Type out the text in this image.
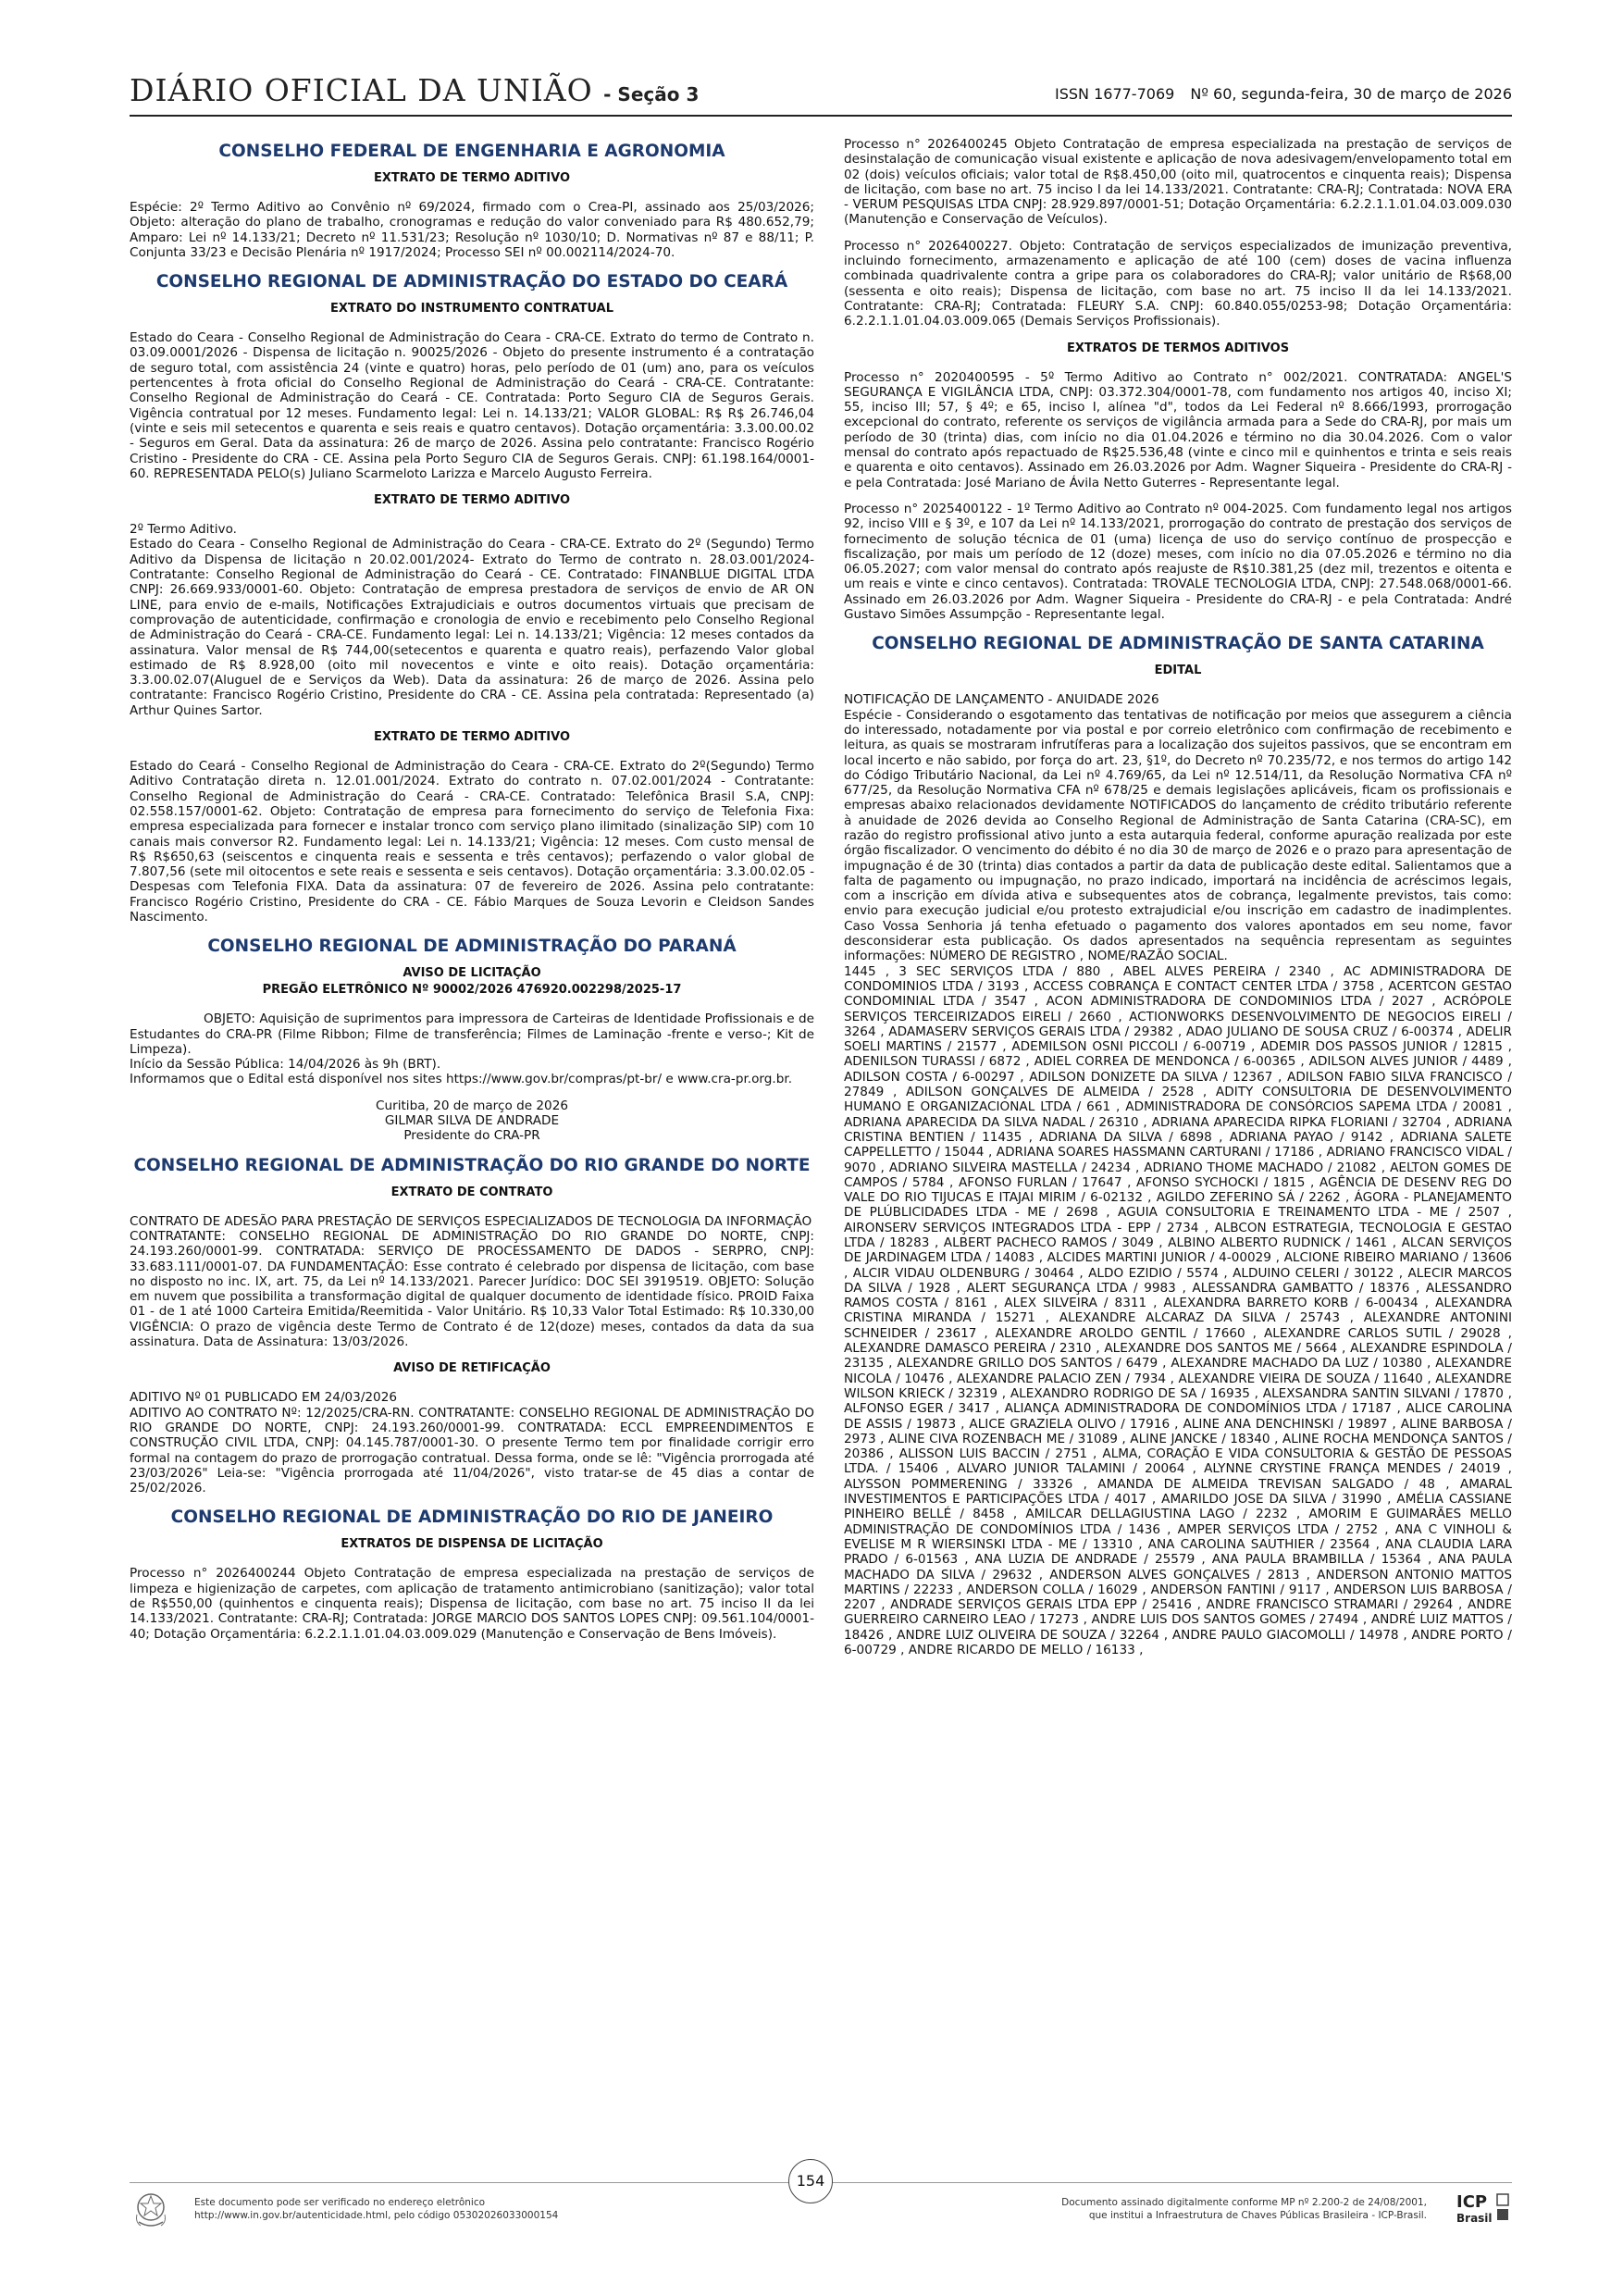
DIÁRIO OFICIAL DA UNIÃO - Seção 3	ISSN 1677-7069 Nº 60, segunda-feira, 30 de março de 2026
CONSELHO FEDERAL DE ENGENHARIA E AGRONOMIA
EXTRATO DE TERMO ADITIVO
Espécie: 2º Termo Aditivo ao Convênio nº 69/2024, firmado com o Crea-PI, assinado aos 25/03/2026; Objeto: alteração do plano de trabalho, cronogramas e redução do valor conveniado para R$ 480.652,79; Amparo: Lei nº 14.133/21; Decreto nº 11.531/23; Resolução nº 1030/10; D. Normativas nº 87 e 88/11; P. Conjunta 33/23 e Decisão Plenária nº 1917/2024; Processo SEI nº 00.002114/2024-70.
CONSELHO REGIONAL DE ADMINISTRAÇÃO DO ESTADO DO CEARÁ
EXTRATO DO INSTRUMENTO CONTRATUAL
Estado do Ceara - Conselho Regional de Administração do Ceara - CRA-CE. Extrato do termo de Contrato n. 03.09.0001/2026 - Dispensa de licitação n. 90025/2026 - Objeto do presente instrumento é a contratação de seguro total, com assistência 24 (vinte e quatro) horas, pelo período de 01 (um) ano, para os veículos pertencentes à frota oficial do Conselho Regional de Administração do Ceará - CRA-CE. Contratante: Conselho Regional de Administração do Ceará - CE. Contratada: Porto Seguro CIA de Seguros Gerais. Vigência contratual por 12 meses. Fundamento legal: Lei n. 14.133/21; VALOR GLOBAL: R$ R$ 26.746,04 (vinte e seis mil setecentos e quarenta e seis reais e quatro centavos). Dotação orçamentária: 3.3.00.00.02 - Seguros em Geral. Data da assinatura: 26 de março de 2026. Assina pelo contratante: Francisco Rogério Cristino - Presidente do CRA - CE. Assina pela Porto Seguro CIA de Seguros Gerais. CNPJ: 61.198.164/0001-60. REPRESENTADA PELO(s) Juliano Scarmeloto Larizza e Marcelo Augusto Ferreira.
EXTRATO DE TERMO ADITIVO
2º Termo Aditivo.
Estado do Ceara - Conselho Regional de Administração do Ceara - CRA-CE. Extrato do 2º (Segundo) Termo Aditivo da Dispensa de licitação n 20.02.001/2024- Extrato do Termo de contrato n. 28.03.001/2024- Contratante: Conselho Regional de Administração do Ceará - CE. Contratado: FINANBLUE DIGITAL LTDA CNPJ: 26.669.933/0001-60. Objeto: Contratação de empresa prestadora de serviços de envio de AR ON LINE, para envio de e-mails, Notificações Extrajudiciais e outros documentos virtuais que precisam de comprovação de autenticidade, confirmação e cronologia de envio e recebimento pelo Conselho Regional de Administração do Ceará - CRA-CE. Fundamento legal: Lei n. 14.133/21; Vigência: 12 meses contados da assinatura. Valor mensal de R$ 744,00(setecentos e quarenta e quatro reais), perfazendo Valor global estimado de R$ 8.928,00 (oito mil novecentos e vinte e oito reais). Dotação orçamentária: 3.3.00.02.07(Aluguel de e Serviços da Web). Data da assinatura: 26 de março de 2026. Assina pelo contratante: Francisco Rogério Cristino, Presidente do CRA - CE. Assina pela contratada: Representado (a) Arthur Quines Sartor.
EXTRATO DE TERMO ADITIVO
Estado do Ceará - Conselho Regional de Administração do Ceara - CRA-CE. Extrato do 2º(Segundo) Termo Aditivo Contratação direta n. 12.01.001/2024. Extrato do contrato n. 07.02.001/2024 - Contratante: Conselho Regional de Administração do Ceará - CRA-CE. Contratado: Telefônica Brasil S.A, CNPJ: 02.558.157/0001-62. Objeto: Contratação de empresa para fornecimento do serviço de Telefonia Fixa: empresa especializada para fornecer e instalar tronco com serviço plano ilimitado (sinalização SIP) com 10 canais mais conversor R2. Fundamento legal: Lei n. 14.133/21; Vigência: 12 meses. Com custo mensal de R$ R$650,63 (seiscentos e cinquenta reais e sessenta e três centavos); perfazendo o valor global de 7.807,56 (sete mil oitocentos e sete reais e sessenta e seis centavos). Dotação orçamentária: 3.3.00.02.05 - Despesas com Telefonia FIXA. Data da assinatura: 07 de fevereiro de 2026. Assina pelo contratante: Francisco Rogério Cristino, Presidente do CRA - CE. Fábio Marques de Souza Levorin e Cleidson Sandes Nascimento.
CONSELHO REGIONAL DE ADMINISTRAÇÃO DO PARANÁ
AVISO DE LICITAÇÃO
PREGÃO ELETRÔNICO Nº 90002/2026 476920.002298/2025-17
OBJETO: Aquisição de suprimentos para impressora de Carteiras de Identidade Profissionais e de Estudantes do CRA-PR (Filme Ribbon; Filme de transferência; Filmes de Laminação -frente e verso-; Kit de Limpeza).
Início da Sessão Pública: 14/04/2026 às 9h (BRT).
Informamos que o Edital está disponível nos sites https://www.gov.br/compras/pt-br/ e www.cra-pr.org.br.
Curitiba, 20 de março de 2026
GILMAR SILVA DE ANDRADE
Presidente do CRA-PR
CONSELHO REGIONAL DE ADMINISTRAÇÃO DO RIO GRANDE DO NORTE
EXTRATO DE CONTRATO
CONTRATO DE ADESÃO PARA PRESTAÇÃO DE SERVIÇOS ESPECIALIZADOS DE TECNOLOGIA DA INFORMAÇÃO
CONTRATANTE: CONSELHO REGIONAL DE ADMINISTRAÇÃO DO RIO GRANDE DO NORTE, CNPJ: 24.193.260/0001-99. CONTRATADA: SERVIÇO DE PROCESSAMENTO DE DADOS - SERPRO, CNPJ: 33.683.111/0001-07. DA FUNDAMENTAÇÃO: Esse contrato é celebrado por dispensa de licitação, com base no disposto no inc. IX, art. 75, da Lei nº 14.133/2021. Parecer Jurídico: DOC SEI 3919519. OBJETO: Solução em nuvem que possibilita a transformação digital de qualquer documento de identidade físico. PROID Faixa 01 - de 1 até 1000 Carteira Emitida/Reemitida - Valor Unitário. R$ 10,33 Valor Total Estimado: R$ 10.330,00 VIGÊNCIA: O prazo de vigência deste Termo de Contrato é de 12(doze) meses, contados da data da sua assinatura. Data de Assinatura: 13/03/2026.
AVISO DE RETIFICAÇÃO
ADITIVO Nº 01 PUBLICADO EM 24/03/2026
ADITIVO AO CONTRATO Nº: 12/2025/CRA-RN. CONTRATANTE: CONSELHO REGIONAL DE ADMINISTRAÇÃO DO RIO GRANDE DO NORTE, CNPJ: 24.193.260/0001-99. CONTRATADA: ECCL EMPREENDIMENTOS E CONSTRUÇÃO CIVIL LTDA, CNPJ: 04.145.787/0001-30. O presente Termo tem por finalidade corrigir erro formal na contagem do prazo de prorrogação contratual. Dessa forma, onde se lê: "Vigência prorrogada até 23/03/2026" Leia-se: "Vigência prorrogada até 11/04/2026", visto tratar-se de 45 dias a contar de 25/02/2026.
CONSELHO REGIONAL DE ADMINISTRAÇÃO DO RIO DE JANEIRO
EXTRATOS DE DISPENSA DE LICITAÇÃO
Processo n° 2026400244 Objeto Contratação de empresa especializada na prestação de serviços de limpeza e higienização de carpetes, com aplicação de tratamento antimicrobiano (sanitização); valor total de R$550,00 (quinhentos e cinquenta reais); Dispensa de licitação, com base no art. 75 inciso II da lei 14.133/2021. Contratante: CRA-RJ; Contratada: JORGE MARCIO DOS SANTOS LOPES CNPJ: 09.561.104/0001-40; Dotação Orçamentária: 6.2.2.1.1.01.04.03.009.029 (Manutenção e Conservação de Bens Imóveis).
Processo n° 2026400245 Objeto Contratação de empresa especializada na prestação de serviços de desinstalação de comunicação visual existente e aplicação de nova adesivagem/envelopamento total em 02 (dois) veículos oficiais; valor total de R$8.450,00 (oito mil, quatrocentos e cinquenta reais); Dispensa de licitação, com base no art. 75 inciso I da lei 14.133/2021. Contratante: CRA-RJ; Contratada: NOVA ERA - VERUM PESQUISAS LTDA CNPJ: 28.929.897/0001-51; Dotação Orçamentária: 6.2.2.1.1.01.04.03.009.030 (Manutenção e Conservação de Veículos).
Processo n° 2026400227. Objeto: Contratação de serviços especializados de imunização preventiva, incluindo fornecimento, armazenamento e aplicação de até 100 (cem) doses de vacina influenza combinada quadrivalente contra a gripe para os colaboradores do CRA-RJ; valor unitário de R$68,00 (sessenta e oito reais); Dispensa de licitação, com base no art. 75 inciso II da lei 14.133/2021. Contratante: CRA-RJ; Contratada: FLEURY S.A. CNPJ: 60.840.055/0253-98; Dotação Orçamentária: 6.2.2.1.1.01.04.03.009.065 (Demais Serviços Profissionais).
EXTRATOS DE TERMOS ADITIVOS
Processo n° 2020400595 - 5º Termo Aditivo ao Contrato n° 002/2021. CONTRATADA: ANGEL'S SEGURANÇA E VIGILÂNCIA LTDA, CNPJ: 03.372.304/0001-78, com fundamento nos artigos 40, inciso XI; 55, inciso III; 57, § 4º; e 65, inciso I, alínea "d", todos da Lei Federal nº 8.666/1993, prorrogação excepcional do contrato, referente os serviços de vigilância armada para a Sede do CRA-RJ, por mais um período de 30 (trinta) dias, com início no dia 01.04.2026 e término no dia 30.04.2026. Com o valor mensal do contrato após repactuado de R$25.536,48 (vinte e cinco mil e quinhentos e trinta e seis reais e quarenta e oito centavos). Assinado em 26.03.2026 por Adm. Wagner Siqueira - Presidente do CRA-RJ - e pela Contratada: José Mariano de Ávila Netto Guterres - Representante legal.
Processo n° 2025400122 - 1º Termo Aditivo ao Contrato nº 004-2025. Com fundamento legal nos artigos 92, inciso VIII e § 3º, e 107 da Lei nº 14.133/2021, prorrogação do contrato de prestação dos serviços de fornecimento de solução técnica de 01 (uma) licença de uso do serviço contínuo de prospecção e fiscalização, por mais um período de 12 (doze) meses, com início no dia 07.05.2026 e término no dia 06.05.2027; com valor mensal do contrato após reajuste de R$10.381,25 (dez mil, trezentos e oitenta e um reais e vinte e cinco centavos). Contratada: TROVALE TECNOLOGIA LTDA, CNPJ: 27.548.068/0001-66. Assinado em 26.03.2026 por Adm. Wagner Siqueira - Presidente do CRA-RJ - e pela Contratada: André Gustavo Simões Assumpção - Representante legal.
CONSELHO REGIONAL DE ADMINISTRAÇÃO DE SANTA CATARINA
EDITAL
NOTIFICAÇÃO DE LANÇAMENTO - ANUIDADE 2026
Espécie - Considerando o esgotamento das tentativas de notificação por meios que assegurem a ciência do interessado, notadamente por via postal e por correio eletrônico com confirmação de recebimento e leitura, as quais se mostraram infrutíferas para a localização dos sujeitos passivos, que se encontram em local incerto e não sabido, por força do art. 23, §1º, do Decreto nº 70.235/72, e nos termos do artigo 142 do Código Tributário Nacional, da Lei nº 4.769/65, da Lei nº 12.514/11, da Resolução Normativa CFA nº 677/25, da Resolução Normativa CFA nº 678/25 e demais legislações aplicáveis, ficam os profissionais e empresas abaixo relacionados devidamente NOTIFICADOS do lançamento de crédito tributário referente à anuidade de 2026 devida ao Conselho Regional de Administração de Santa Catarina (CRA-SC), em razão do registro profissional ativo junto a esta autarquia federal, conforme apuração realizada por este órgão fiscalizador. O vencimento do débito é no dia 30 de março de 2026 e o prazo para apresentação de impugnação é de 30 (trinta) dias contados a partir da data de publicação deste edital. Salientamos que a falta de pagamento ou impugnação, no prazo indicado, importará na incidência de acréscimos legais, com a inscrição em dívida ativa e subsequentes atos de cobrança, legalmente previstos, tais como: envio para execução judicial e/ou protesto extrajudicial e/ou inscrição em cadastro de inadimplentes. Caso Vossa Senhoria já tenha efetuado o pagamento dos valores apontados em seu nome, favor desconsiderar esta publicação. Os dados apresentados na sequência representam as seguintes informações: NÚMERO DE REGISTRO , NOME/RAZÃO SOCIAL.
1445 , 3 SEC SERVIÇOS LTDA / 880 , ABEL ALVES PEREIRA / 2340 , AC ADMINISTRADORA DE CONDOMINIOS LTDA / 3193 , ACCESS COBRANÇA E CONTACT CENTER LTDA / 3758 , ACERTCON GESTAO CONDOMINIAL LTDA / 3547 , ACON ADMINISTRADORA DE CONDOMINIOS LTDA / 2027 , ACRÓPOLE SERVIÇOS TERCEIRIZADOS EIRELI / 2660 , ACTIONWORKS DESENVOLVIMENTO DE NEGOCIOS EIRELI / 3264 , ADAMASERV SERVIÇOS GERAIS LTDA / 29382 , ADAO JULIANO DE SOUSA CRUZ / 6-00374 , ADELIR SOELI MARTINS / 21577 , ADEMILSON OSNI PICCOLI / 6-00719 , ADEMIR DOS PASSOS JUNIOR / 12815 , ADENILSON TURASSI / 6872 , ADIEL CORREA DE MENDONCA / 6-00365 , ADILSON ALVES JUNIOR / 4489 , ADILSON COSTA / 6-00297 , ADILSON DONIZETE DA SILVA / 12367 , ADILSON FABIO SILVA FRANCISCO / 27849 , ADILSON GONÇALVES DE ALMEIDA / 2528 , ADITY CONSULTORIA DE DESENVOLVIMENTO HUMANO E ORGANIZACIONAL LTDA / 661 , ADMINISTRADORA DE CONSÓRCIOS SAPEMA LTDA / 20081 , ADRIANA APARECIDA DA SILVA NADAL / 26310 , ADRIANA APARECIDA RIPKA FLORIANI / 32704 , ADRIANA CRISTINA BENTIEN / 11435 , ADRIANA DA SILVA / 6898 , ADRIANA PAYAO / 9142 , ADRIANA SALETE CAPPELLETTO / 15044 , ADRIANA SOARES HASSMANN CARTURANI / 17186 , ADRIANO FRANCISCO VIDAL / 9070 , ADRIANO SILVEIRA MASTELLA / 24234 , ADRIANO THOME MACHADO / 21082 , AELTON GOMES DE CAMPOS / 5784 , AFONSO FURLAN / 17647 , AFONSO SYCHOCKI / 1815 , AGÊNCIA DE DESENV REG DO VALE DO RIO TIJUCAS E ITAJAI MIRIM / 6-02132 , AGILDO ZEFERINO SÁ / 2262 , ÁGORA - PLANEJAMENTO DE PLÚBLICIDADES LTDA - ME / 2698 , AGUIA CONSULTORIA E TREINAMENTO LTDA - ME / 2507 , AIRONSERV SERVIÇOS INTEGRADOS LTDA - EPP / 2734 , ALBCON ESTRATEGIA, TECNOLOGIA E GESTAO LTDA / 18283 , ALBERT PACHECO RAMOS / 3049 , ALBINO ALBERTO RUDNICK / 1461 , ALCAN SERVIÇOS DE JARDINAGEM LTDA / 14083 , ALCIDES MARTINI JUNIOR / 4-00029 , ALCIONE RIBEIRO MARIANO / 13606 , ALCIR VIDAU OLDENBURG / 30464 , ALDO EZIDIO / 5574 , ALDUINO CELERI / 30122 , ALECIR MARCOS DA SILVA / 1928 , ALERT SEGURANÇA LTDA / 9983 , ALESSANDRA GAMBATTO / 18376 , ALESSANDRO RAMOS COSTA / 8161 , ALEX SILVEIRA / 8311 , ALEXANDRA BARRETO KORB / 6-00434 , ALEXANDRA CRISTINA MIRANDA / 15271 , ALEXANDRE ALCARAZ DA SILVA / 25743 , ALEXANDRE ANTONINI SCHNEIDER / 23617 , ALEXANDRE AROLDO GENTIL / 17660 , ALEXANDRE CARLOS SUTIL / 29028 , ALEXANDRE DAMASCO PEREIRA / 2310 , ALEXANDRE DOS SANTOS ME / 5664 , ALEXANDRE ESPINDOLA / 23135 , ALEXANDRE GRILLO DOS SANTOS / 6479 , ALEXANDRE MACHADO DA LUZ / 10380 , ALEXANDRE NICOLA / 10476 , ALEXANDRE PALACIO ZEN / 7934 , ALEXANDRE VIEIRA DE SOUZA / 11640 , ALEXANDRE WILSON KRIECK / 32319 , ALEXANDRO RODRIGO DE SA / 16935 , ALEXSANDRA SANTIN SILVANI / 17870 , ALFONSO EGER / 3417 , ALIANÇA ADMINISTRADORA DE CONDOMÍNIOS LTDA / 17187 , ALICE CAROLINA DE ASSIS / 19873 , ALICE GRAZIELA OLIVO / 17916 , ALINE ANA DENCHINSKI / 19897 , ALINE BARBOSA / 2973 , ALINE CIVA ROZENBACH ME / 31089 , ALINE JANCKE / 18340 , ALINE ROCHA MENDONÇA SANTOS / 20386 , ALISSON LUIS BACCIN / 2751 , ALMA, CORAÇÃO E VIDA CONSULTORIA & GESTÃO DE PESSOAS LTDA. / 15406 , ALVARO JUNIOR TALAMINI / 20064 , ALYNNE CRYSTINE FRANÇA MENDES / 24019 , ALYSSON POMMERENING / 33326 , AMANDA DE ALMEIDA TREVISAN SALGADO / 48 , AMARAL INVESTIMENTOS E PARTICIPAÇÕES LTDA / 4017 , AMARILDO JOSE DA SILVA / 31990 , AMÉLIA CASSIANE PINHEIRO BELLÉ / 8458 , AMILCAR DELLAGIUSTINA LAGO / 2232 , AMORIM E GUIMARÃES MELLO ADMINISTRAÇÃO DE CONDOMÍNIOS LTDA / 1436 , AMPER SERVIÇOS LTDA / 2752 , ANA C VINHOLI & EVELISE M R WIERSINSKI LTDA - ME / 13310 , ANA CAROLINA SAUTHIER / 23564 , ANA CLAUDIA LARA PRADO / 6-01563 , ANA LUZIA DE ANDRADE / 25579 , ANA PAULA BRAMBILLA / 15364 , ANA PAULA MACHADO DA SILVA / 29632 , ANDERSON ALVES GONÇALVES / 2813 , ANDERSON ANTONIO MATTOS MARTINS / 22233 , ANDERSON COLLA / 16029 , ANDERSON FANTINI / 9117 , ANDERSON LUIS BARBOSA / 2207 , ANDRADE SERVIÇOS GERAIS LTDA EPP / 25416 , ANDRE FRANCISCO STRAMARI / 29264 , ANDRE GUERREIRO CARNEIRO LEAO / 17273 , ANDRE LUIS DOS SANTOS GOMES / 27494 , ANDRÉ LUIZ MATTOS / 18426 , ANDRE LUIZ OLIVEIRA DE SOUZA / 32264 , ANDRE PAULO GIACOMOLLI / 14978 , ANDRE PORTO / 6-00729 , ANDRE RICARDO DE MELLO / 16133 ,
Este documento pode ser verificado no endereço eletrônico
http://www.in.gov.br/autenticidade.html, pelo código 05302026033000154
154
Documento assinado digitalmente conforme MP nº 2.200-2 de 24/08/2001,
que institui a Infraestrutura de Chaves Públicas Brasileira - ICP-Brasil.
ICP
Brasil
